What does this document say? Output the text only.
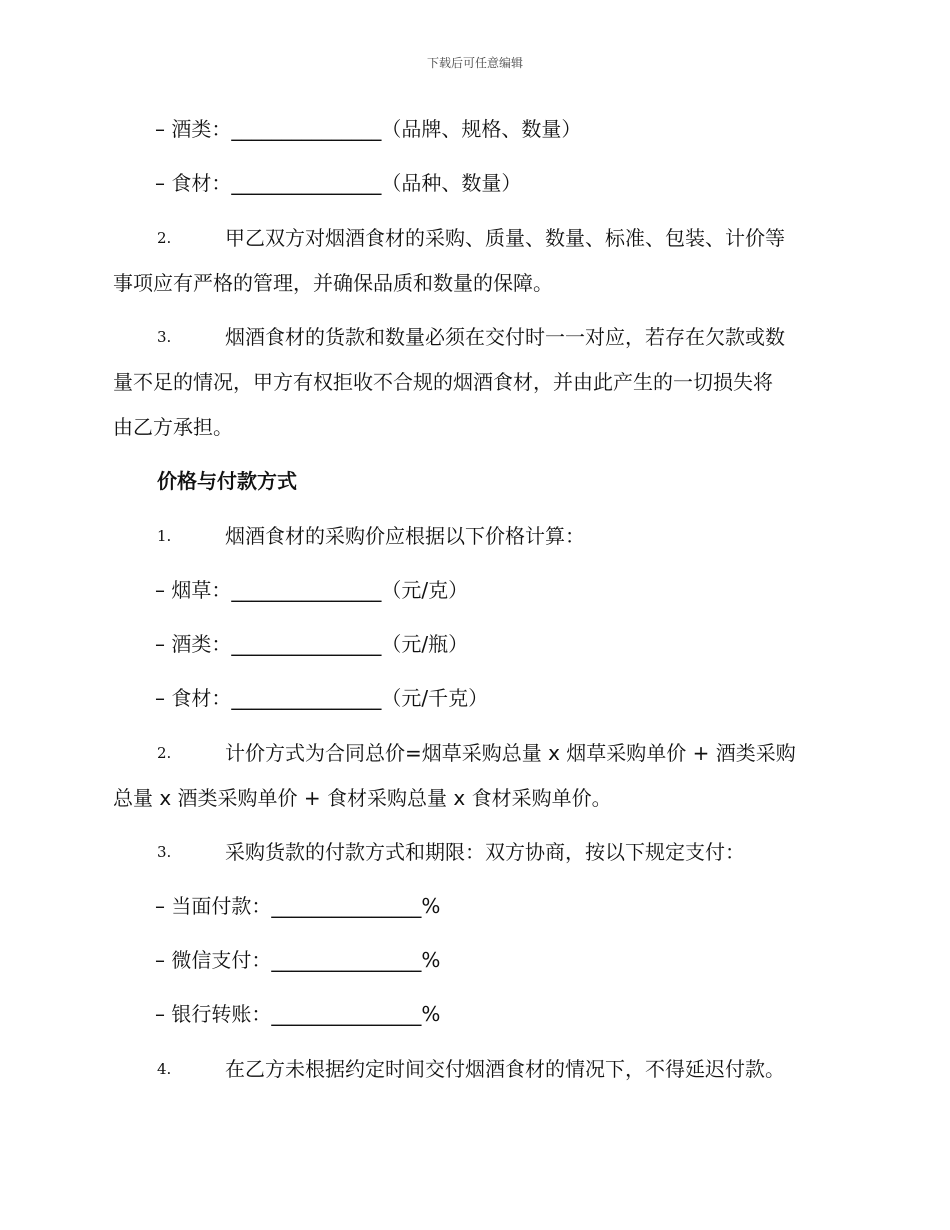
下载后可任意编辑
– 酒类：_______________（品牌、规格、数量）
– 食材：_______________（品种、数量）
2.	甲乙双方对烟酒食材的采购、质量、数量、标准、包装、计价等
事项应有严格的管理，并确保品质和数量的保障。
3.	烟酒食材的货款和数量必须在交付时一一对应，若存在欠款或数
量不足的情况，甲方有权拒收不合规的烟酒食材，并由此产生的一切损失将
由乙方承担。
价格与付款方式
1.	烟酒食材的采购价应根据以下价格计算：
– 烟草：_______________（元/克）
– 酒类：_______________（元/瓶）
– 食材：_______________（元/千克）
2.	计价方式为合同总价=烟草采购总量 x 烟草采购单价 + 酒类采购
总量 x 酒类采购单价 + 食材采购总量 x 食材采购单价。
3.	采购货款的付款方式和期限：双方协商，按以下规定支付：
– 当面付款：_______________%
– 微信支付：_______________%
– 银行转账：_______________%
4.	在乙方未根据约定时间交付烟酒食材的情况下，不得延迟付款。
